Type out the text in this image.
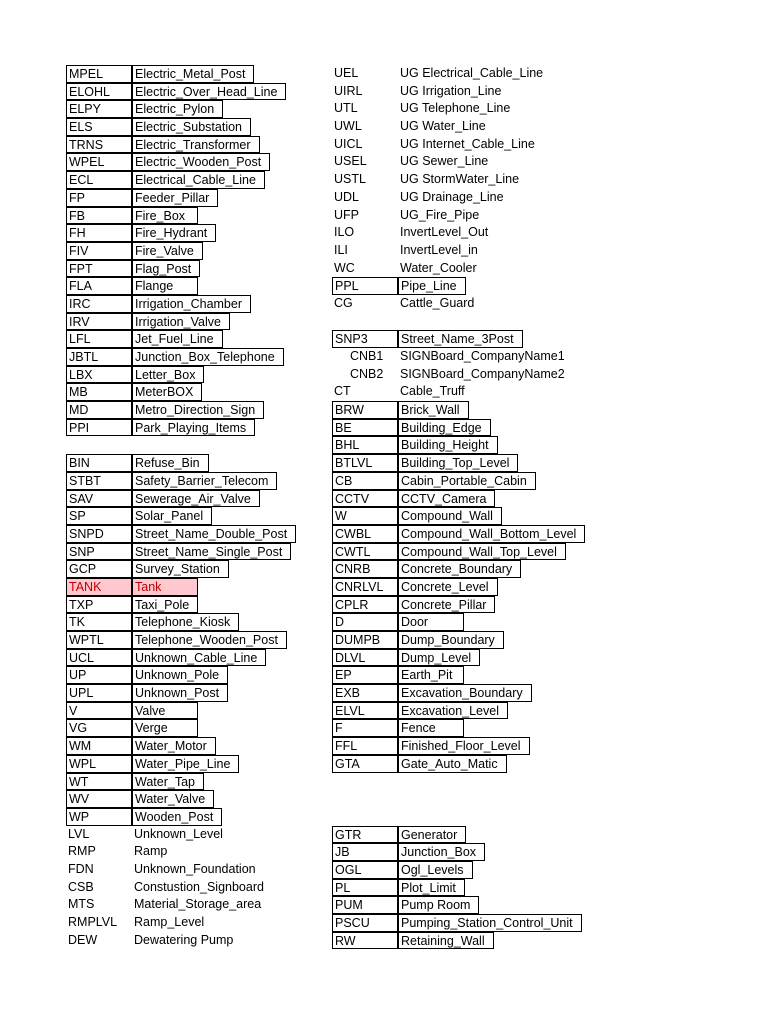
MPEL	Electric_Metal_Post
ELOHL	Electric_Over_Head_Line
ELPY	Electric_Pylon
ELS	Electric_Substation
TRNS	Electric_Transformer
WPEL	Electric_Wooden_Post
ECL	Electrical_Cable_Line
FP	Feeder_Pillar
FB	Fire_Box
FH	Fire_Hydrant
FIV	Fire_Valve
FPT	Flag_Post
FLA	Flange
IRC	Irrigation_Chamber
IRV	Irrigation_Valve
LFL	Jet_Fuel_Line
JBTL	Junction_Box_Telephone
LBX	Letter_Box
MB	MeterBOX
MD	Metro_Direction_Sign
PPI	Park_Playing_Items
BIN	Refuse_Bin
STBT	Safety_Barrier_Telecom
SAV	Sewerage_Air_Valve
SP	Solar_Panel
SNPD	Street_Name_Double_Post
SNP	Street_Name_Single_Post
GCP	Survey_Station
TANK	Tank
TXP	Taxi_Pole
TK	Telephone_Kiosk
WPTL	Telephone_Wooden_Post
UCL	Unknown_Cable_Line
UP	Unknown_Pole
UPL	Unknown_Post
V	Valve
VG	Verge
WM	Water_Motor
WPL	Water_Pipe_Line
WT	Water_Tap
WV	Water_Valve
WP	Wooden_Post
LVL	Unknown_Level
RMP	Ramp
FDN	Unknown_Foundation
CSB	Constustion_Signboard
MTS	Material_Storage_area
RMPLVL	Ramp_Level
DEW	Dewatering Pump
UEL	UG Electrical_Cable_Line
UIRL	UG Irrigation_Line
UTL	UG Telephone_Line
UWL	UG Water_Line
UICL	UG Internet_Cable_Line
USEL	UG Sewer_Line
USTL	UG StormWater_Line
UDL	UG Drainage_Line
UFP	UG_Fire_Pipe
ILO	InvertLevel_Out
ILI	InvertLevel_in
WC	Water_Cooler
PPL	Pipe_Line
CG	Cattle_Guard
SNP3	Street_Name_3Post
CNB1	SIGNBoard_CompanyName1
CNB2	SIGNBoard_CompanyName2
CT	Cable_Truff
BRW	Brick_Wall
BE	Building_Edge
BHL	Building_Height
BTLVL	Building_Top_Level
CB	Cabin_Portable_Cabin
CCTV	CCTV_Camera
W	Compound_Wall
CWBL	Compound_Wall_Bottom_Level
CWTL	Compound_Wall_Top_Level
CNRB	Concrete_Boundary
CNRLVL	Concrete_Level
CPLR	Concrete_Pillar
D	Door
DUMPB	Dump_Boundary
DLVL	Dump_Level
EP	Earth_Pit
EXB	Excavation_Boundary
ELVL	Excavation_Level
F	Fence
FFL	Finished_Floor_Level
GTA	Gate_Auto_Matic
GTR	Generator
JB	Junction_Box
OGL	Ogl_Levels
PL	Plot_Limit
PUM	Pump Room
PSCU	Pumping_Station_Control_Unit
RW	Retaining_Wall
